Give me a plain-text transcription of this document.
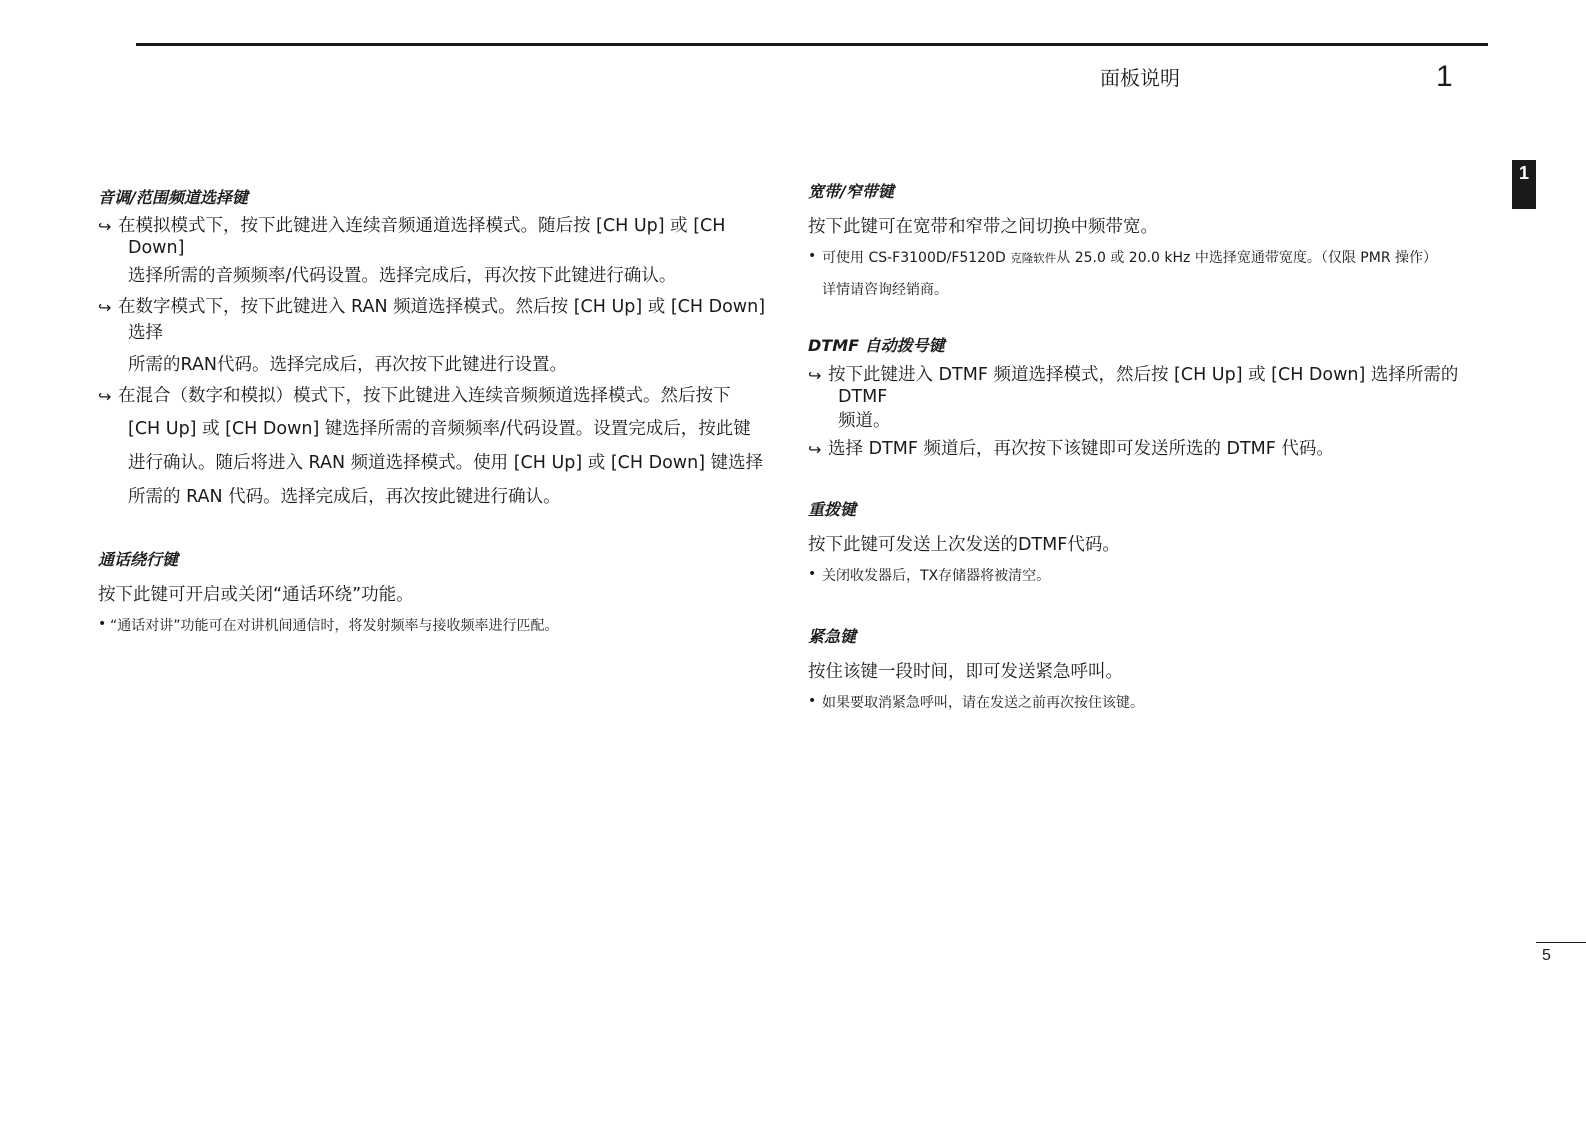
面板说明	1
1
音调/范围频道选择键
↪ 在模拟模式下，按下此键进入连续音频通道选择模式。随后按 [CH Up] 或 [CH
Down]
选择所需的音频频率/代码设置。选择完成后，再次按下此键进行确认。
↪ 在数字模式下，按下此键进入 RAN 频道选择模式。然后按 [CH Up] 或 [CH Down]
选择
所需的RAN代码。选择完成后，再次按下此键进行设置。
↪ 在混合（数字和模拟）模式下，按下此键进入连续音频频道选择模式。然后按下
[CH Up] 或 [CH Down] 键选择所需的音频频率/代码设置。设置完成后，按此键
进行确认。随后将进入 RAN 频道选择模式。使用 [CH Up] 或 [CH Down] 键选择
所需的 RAN 代码。选择完成后，再次按此键进行确认。
通话绕行键
按下此键可开启或关闭“通话环绕”功能。
• “通话对讲”功能可在对讲机间通信时，将发射频率与接收频率进行匹配。
宽带/窄带键
按下此键可在宽带和窄带之间切换中频带宽。
• 可使用 CS-F3100D/F5120D 克隆软件从 25.0 或 20.0 kHz 中选择宽通带宽度。（仅限 PMR 操作）
详情请咨询经销商。
DTMF 自动拨号键
↪ 按下此键进入 DTMF 频道选择模式，然后按 [CH Up] 或 [CH Down] 选择所需的
DTMF
频道。
↪ 选择 DTMF 频道后，再次按下该键即可发送所选的 DTMF 代码。
重拨键
按下此键可发送上次发送的DTMF代码。
• 关闭收发器后，TX存储器将被清空。
紧急键
按住该键一段时间，即可发送紧急呼叫。
• 如果要取消紧急呼叫，请在发送之前再次按住该键。
5
